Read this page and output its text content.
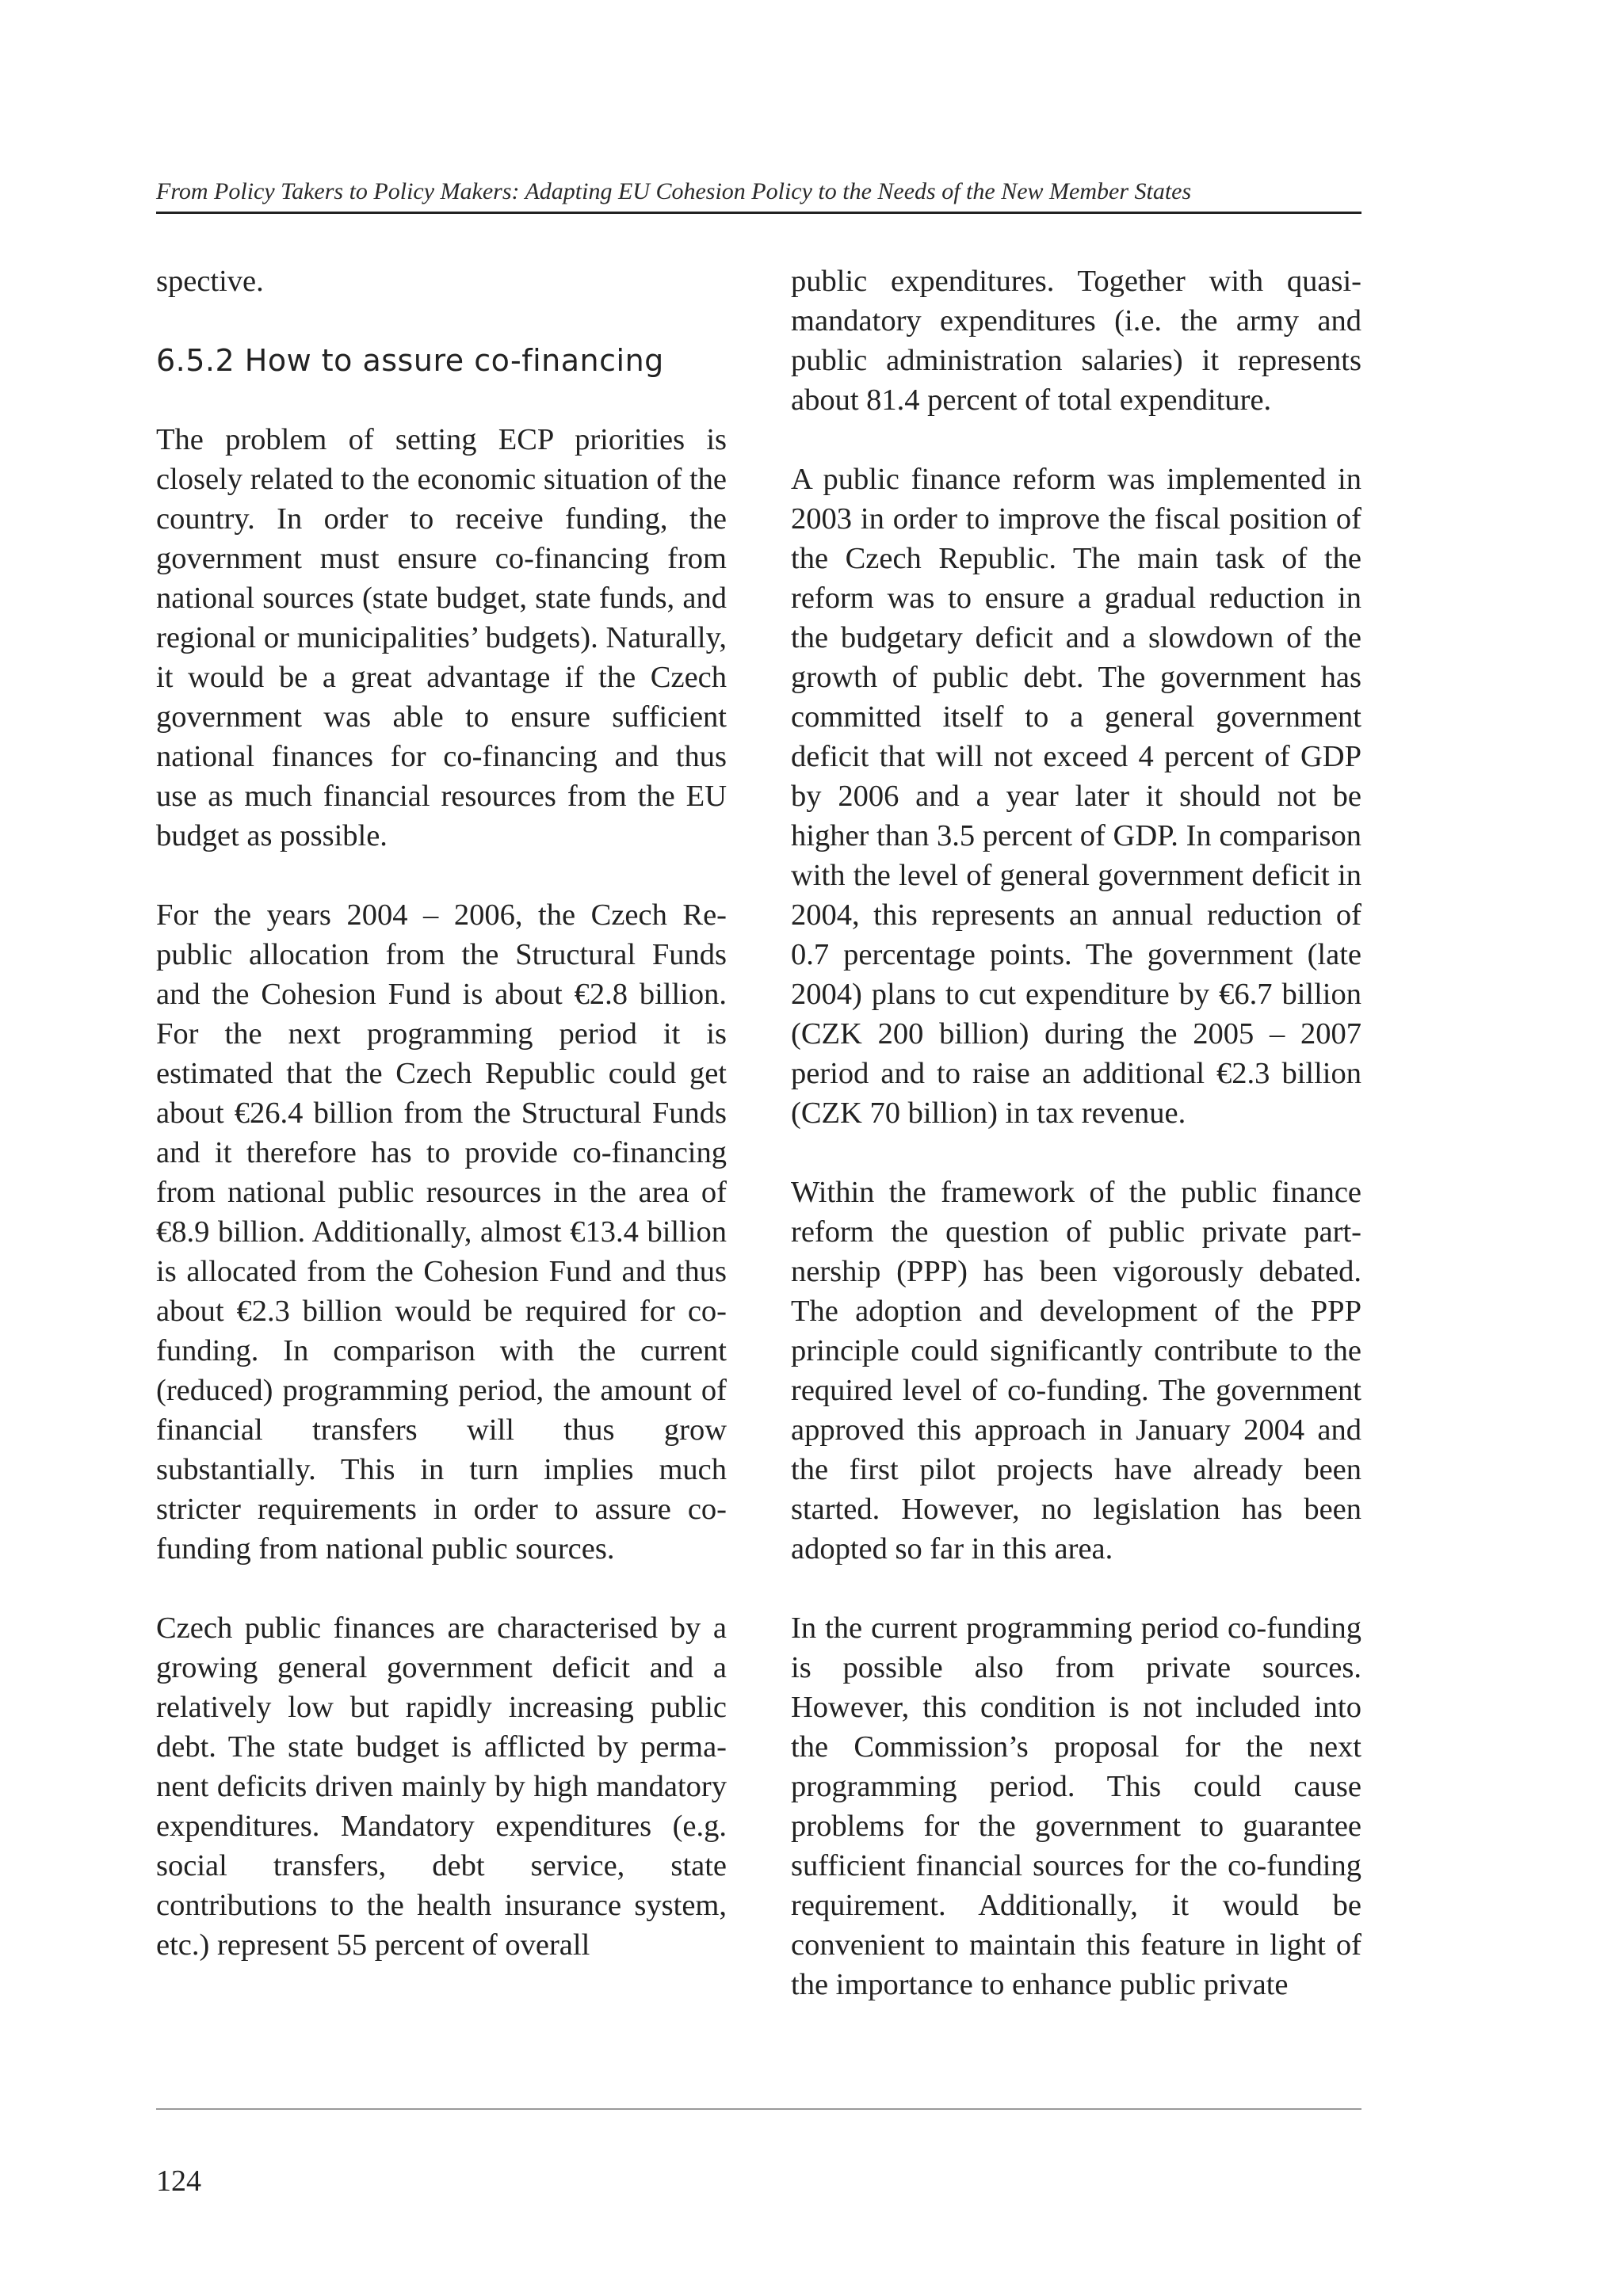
From Policy Takers to Policy Makers: Adapting EU Cohesion Policy to the Needs of the New Member States

spective.

6.5.2 How to assure co-financing

The problem of setting ECP priorities is closely related to the economic situation of the country. In order to receive funding, the government must ensure co-financing from national sources (state budget, state funds, and regional or municipalities’ budgets). Naturally, it would be a great advantage if the Czech government was able to ensure sufficient national finances for co-financing and thus use as much financial resources from the EU budget as possible.

For the years 2004 – 2006, the Czech Republic allocation from the Structural Funds and the Cohesion Fund is about €2.8 billion. For the next programming period it is estimated that the Czech Republic could get about €26.4 billion from the Structural Funds and it therefore has to provide co-financing from national public resources in the area of €8.9 billion. Additionally, almost €13.4 billion is allocated from the Cohesion Fund and thus about €2.3 billion would be required for co-funding. In comparison with the current (reduced) programming period, the amount of financial transfers will thus grow substantially. This in turn implies much stricter requirements in order to assure co-funding from national public sources.

Czech public finances are characterised by a growing general government deficit and a relatively low but rapidly increasing public debt. The state budget is afflicted by permanent deficits driven mainly by high mandatory expenditures. Mandatory expenditures (e.g. social transfers, debt service, state contributions to the health insurance system, etc.) represent 55 percent of overall

public expenditures. Together with quasi-mandatory expenditures (i.e. the army and public administration salaries) it represents about 81.4 percent of total expenditure.

A public finance reform was implemented in 2003 in order to improve the fiscal position of the Czech Republic. The main task of the reform was to ensure a gradual reduction in the budgetary deficit and a slowdown of the growth of public debt. The government has committed itself to a general government deficit that will not exceed 4 percent of GDP by 2006 and a year later it should not be higher than 3.5 percent of GDP. In comparison with the level of general government deficit in 2004, this represents an annual reduction of 0.7 percentage points. The government (late 2004) plans to cut expenditure by €6.7 billion (CZK 200 billion) during the 2005 – 2007 period and to raise an additional €2.3 billion (CZK 70 billion) in tax revenue.

Within the framework of the public finance reform the question of public private partnership (PPP) has been vigorously debated. The adoption and development of the PPP principle could significantly contribute to the required level of co-funding. The government approved this approach in January 2004 and the first pilot projects have already been started. However, no legislation has been adopted so far in this area.

In the current programming period co-funding is possible also from private sources. However, this condition is not included into the Commission’s proposal for the next programming period. This could cause problems for the government to guarantee sufficient financial sources for the co-funding requirement. Additionally, it would be convenient to maintain this feature in light of the importance to enhance public private

124
